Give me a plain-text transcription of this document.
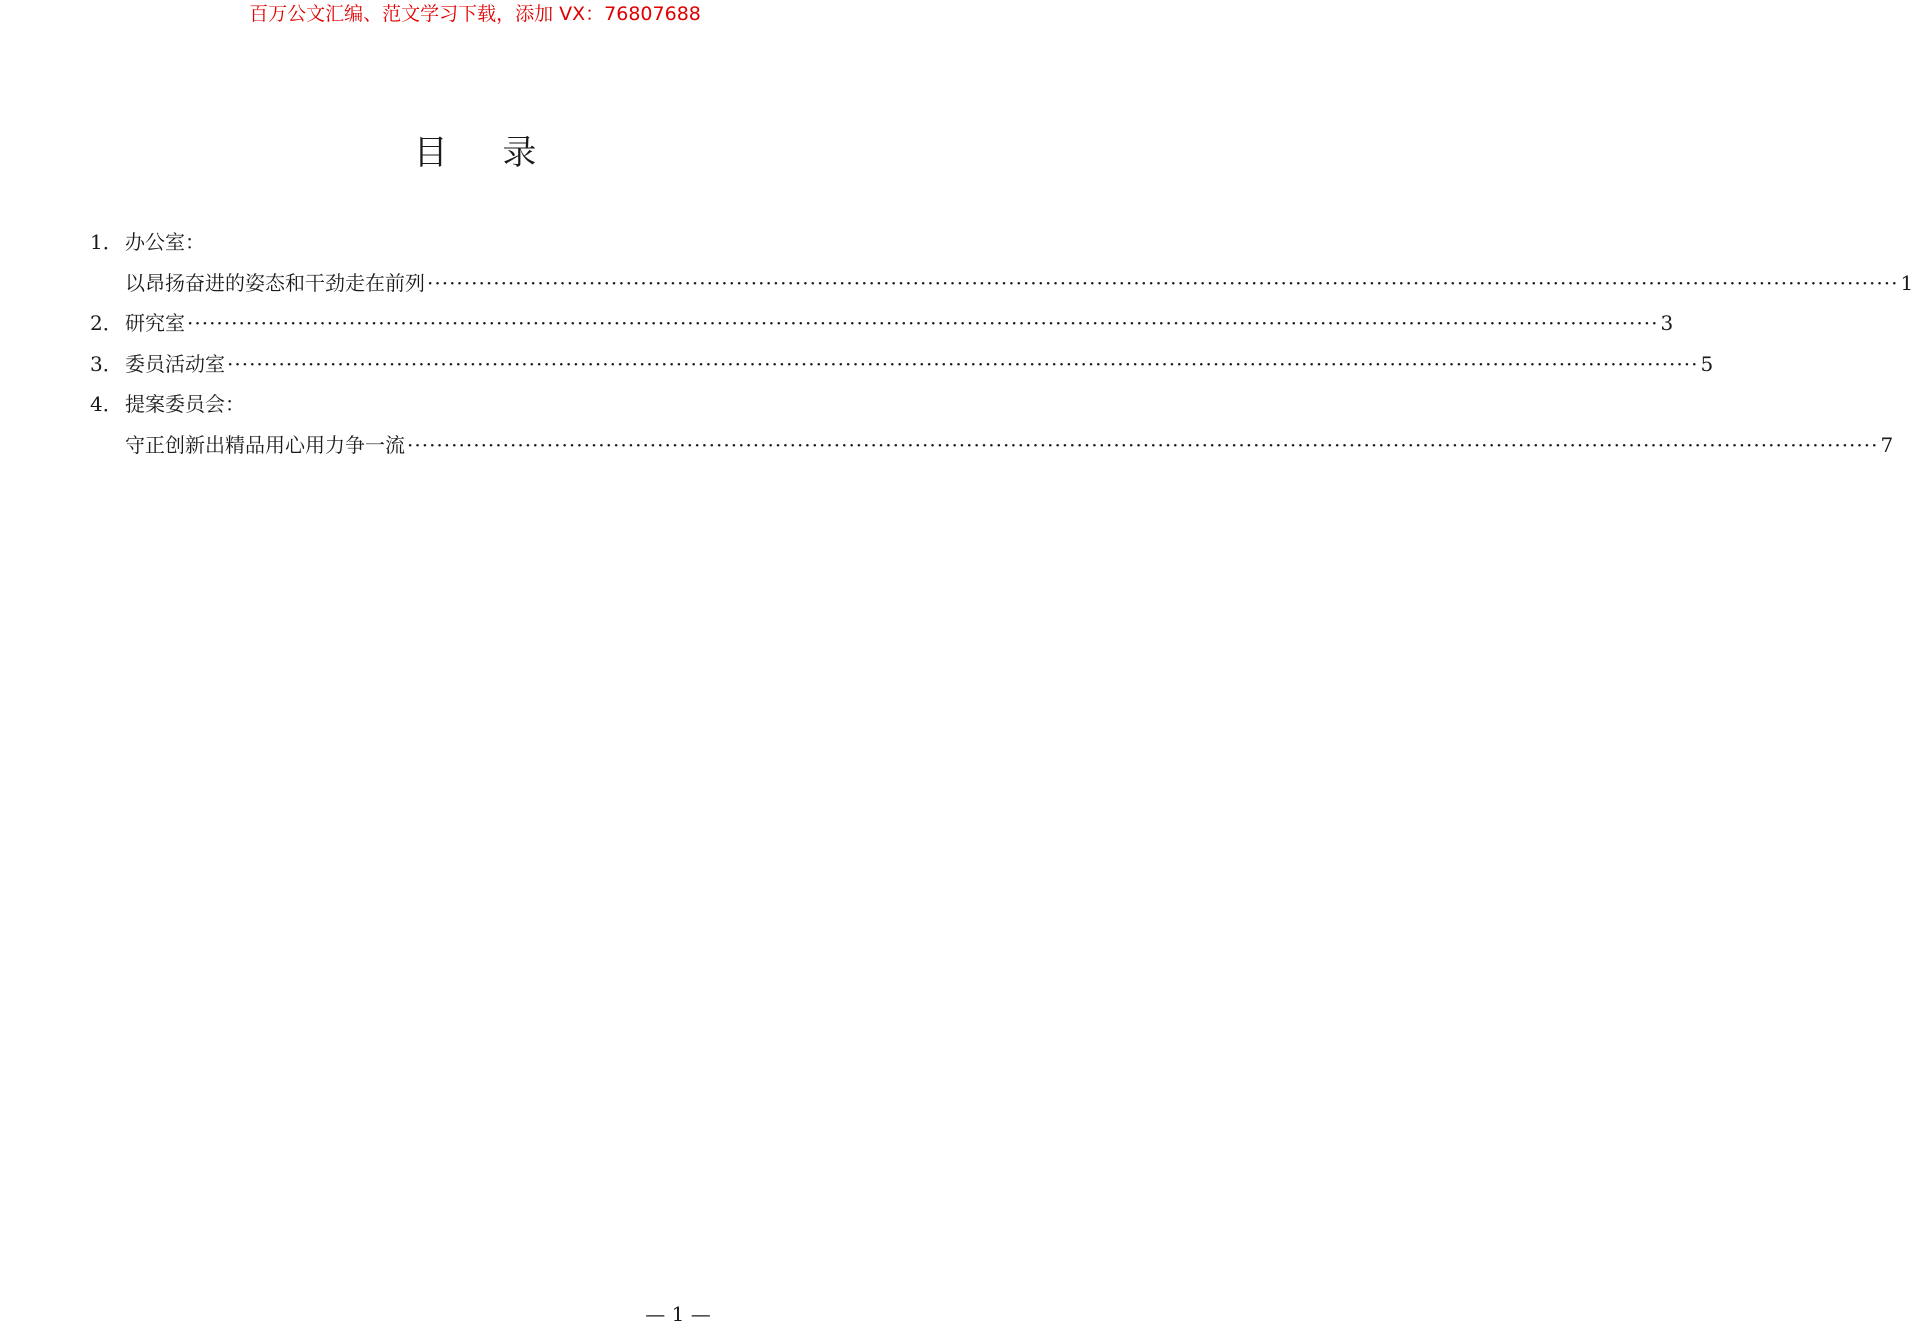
百万公文汇编、范文学习下载，添加 VX：76807688
目 录
1． 办公室：
以昂扬奋进的姿态和干劲走在前列 ········································································································································································································ 1
2． 研究室 ········································································································································································································ 3
3． 委员活动室 ········································································································································································································ 5
4． 提案委员会：
守正创新出精品用心用力争一流 ········································································································································································································ 7
— 1 —
